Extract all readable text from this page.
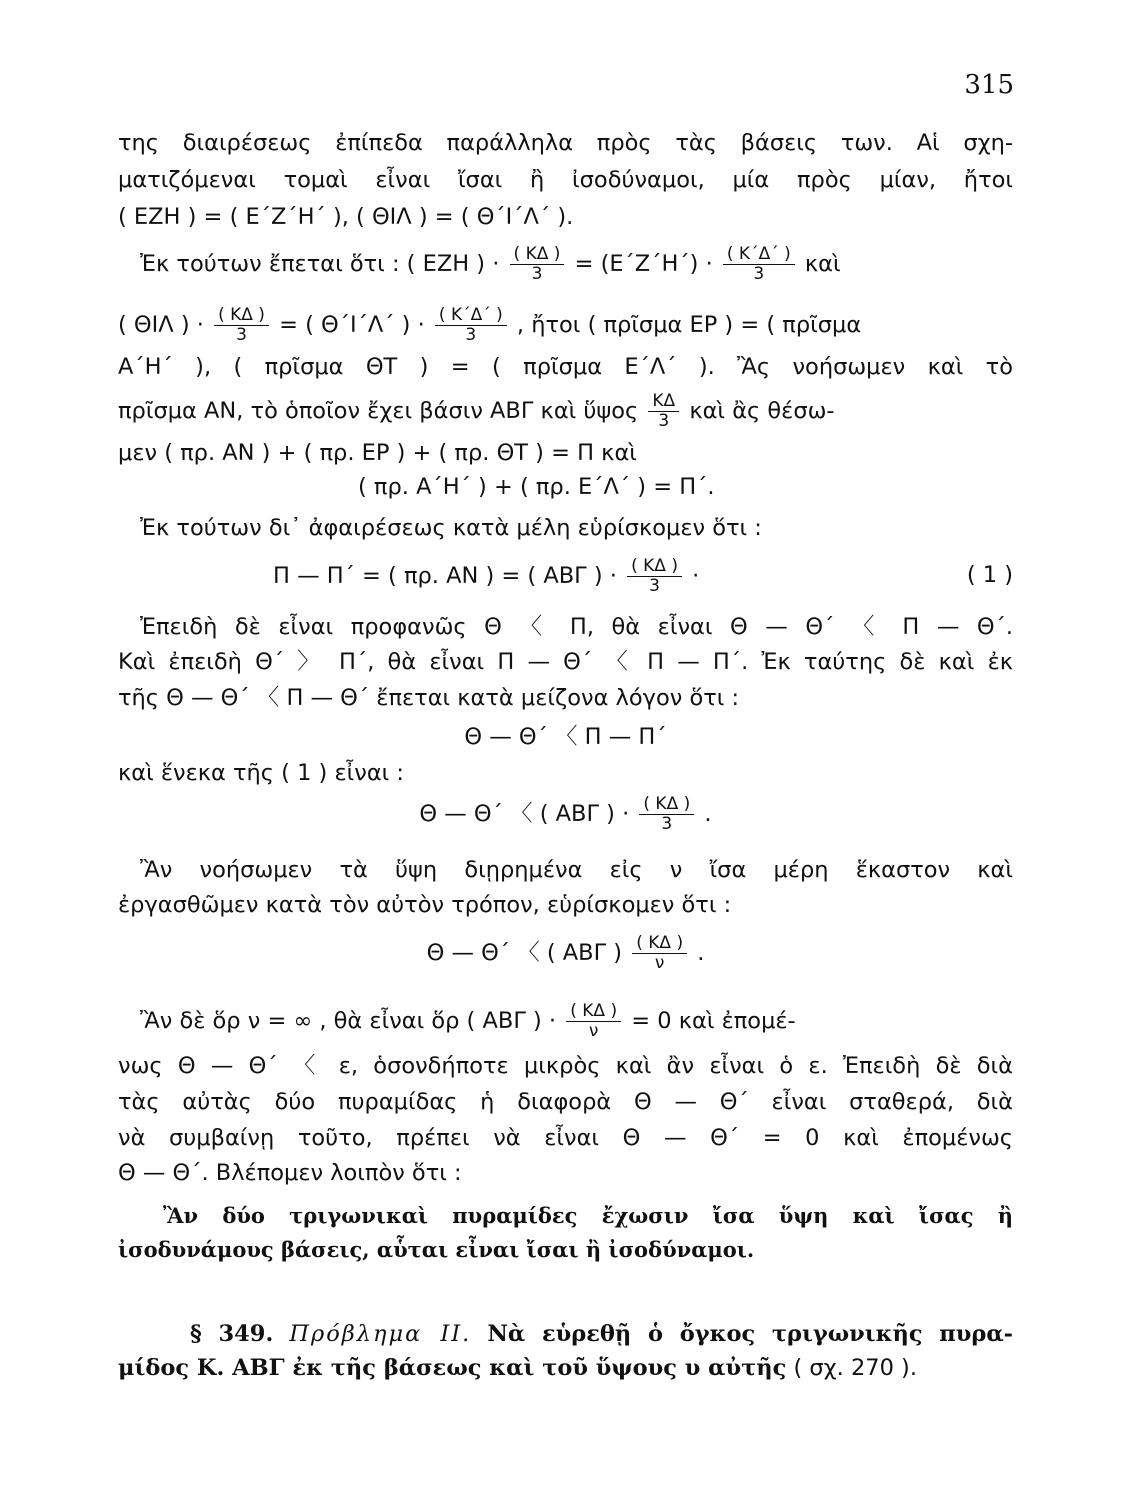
315
της διαιρέσεως ἐπίπεδα παράλληλα πρὸς τὰς βάσεις των. Αἱ σχη-
ματιζόμεναι τομαὶ εἶναι ἴσαι ἢ ἰσοδύναμοι, μία πρὸς μίαν, ἤτοι
( ΕΖΗ ) = ( Ε΄Ζ΄Η΄ ), ( ΘΙΛ ) = ( Θ΄Ι΄Λ΄ ).
Ἐκ τούτων ἔπεται ὅτι : ( ΕΖΗ ) · $\frac{( K\Delta )}{3} = (E΄Z΄H΄) \cdot \frac{( K΄\Delta΄ )}{3}$ καὶ
( ΘΙΛ ) · $\frac{( K\Delta )}{3}$ = ( Θ΄Ι΄Λ΄ ) · $\frac{( K΄\Delta΄ )}{3}$ , ἤτοι ( πρῖσμα ΕΡ ) = ( πρῖσμα
Α΄Η΄ ), ( πρῖσμα ΘΤ ) = ( πρῖσμα Ε΄Λ΄ ). Ἂς νοήσωμεν καὶ τὸ
πρῖσμα ΑΝ, τὸ ὁποῖον ἔχει βάσιν ΑΒΓ καὶ ὕψος $\frac{K\Delta}{3}$ καὶ ἂς θέσω-
μεν ( πρ. ΑΝ ) + ( πρ. ΕΡ ) + ( πρ. ΘΤ ) = Π καὶ
( πρ. Α΄Η΄ ) + ( πρ. Ε΄Λ΄ ) = Π΄.
Ἐκ τούτων δι᾽ ἀφαιρέσεως κατὰ μέλη εὑρίσκομεν ὅτι :
Π — Π΄ = ( πρ. ΑΝ ) = ( ΑΒΓ ) · $\frac{( K\Delta )}{3}$ ·	( 1 )
Ἐπειδὴ δὲ εἶναι προφανῶς Θ 〈 Π, θὰ εἶναι Θ — Θ΄ 〈 Π — Θ΄.
Καὶ ἐπειδὴ Θ΄ 〉 Π΄, θὰ εἶναι Π — Θ΄ 〈 Π — Π΄. Ἐκ ταύτης δὲ καὶ ἐκ
τῆς Θ — Θ΄ 〈 Π — Θ΄ ἔπεται κατὰ μείζονα λόγον ὅτι :
Θ — Θ΄ 〈 Π — Π΄
καὶ ἕνεκα τῆς ( 1 ) εἶναι :
Θ — Θ΄ 〈 ( ΑΒΓ ) · $\frac{( K\Delta )}{3}$ .
Ἂν νοήσωμεν τὰ ὕψη διῃρημένα εἰς ν ἴσα μέρη ἕκαστον καὶ
ἐργασθῶμεν κατὰ τὸν αὐτὸν τρόπον, εὑρίσκομεν ὅτι :
Θ — Θ΄ 〈 ( ΑΒΓ ) $\frac{( K\Delta )}{\nu}$ .
Ἂν δὲ ὅρ ν = ∞ , θὰ εἶναι ὅρ ( ΑΒΓ ) · $\frac{( K\Delta )}{\nu} = 0$ καὶ ἐπομέ-
νως Θ — Θ΄ 〈 ε, ὁσονδήποτε μικρὸς καὶ ἂν εἶναι ὁ ε. Ἐπειδὴ δὲ διὰ
τὰς αὐτὰς δύο πυραμίδας ἡ διαφορὰ Θ — Θ΄ εἶναι σταθερά, διὰ
νὰ συμβαίνῃ τοῦτο, πρέπει νὰ εἶναι Θ — Θ΄ = 0 καὶ ἐπομένως
Θ — Θ΄. Βλέπομεν λοιπὸν ὅτι :
Ἂν δύο τριγωνικαὶ πυραμίδες ἔχωσιν ἴσα ὕψη καὶ ἴσας ἢ
ἰσοδυνάμους βάσεις, αὗται εἶναι ἴσαι ἢ ἰσοδύναμοι.
§ 349. Πρόβλημα ΙΙ. Νὰ εὑρεθῇ ὁ ὄγκος τριγωνικῆς πυρα-
μίδος Κ. ΑΒΓ ἐκ τῆς βάσεως καὶ τοῦ ὕψους υ αὐτῆς ( σχ. 270 ).
